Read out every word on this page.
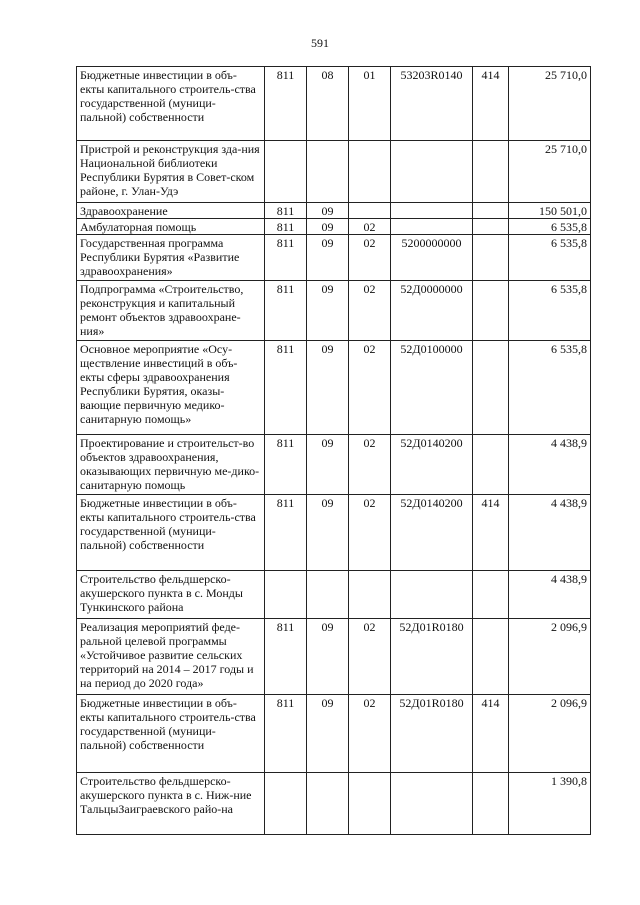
591
Бюджетные инвестиции в объ- екты капитального строитель-ства государственной (муници-пальной) собственности	811	08	01	53203R0140	414	25 710,0
Пристрой и реконструкция зда-ния Национальной библиотеки Республики Бурятия в Совет-ском районе, г. Улан-Удэ						25 710,0
Здравоохранение	811	09				150 501,0
Амбулаторная помощь	811	09	02			6 535,8
Государственная программа Республики Бурятия «Развитие здравоохранения»	811	09	02	5200000000		6 535,8
Подпрограмма «Строительство, реконструкция и капитальный ремонт объектов здравоохране-ния»	811	09	02	52Д0000000		6 535,8
Основное мероприятие «Осу-ществление инвестиций в объ-екты сферы здравоохранения Республики Бурятия, оказы-вающие первичную медико-санитарную помощь»	811	09	02	52Д0100000		6 535,8
Проектирование и строительст-во объектов здравоохранения, оказывающих первичную ме-дико-санитарную помощь	811	09	02	52Д0140200		4 438,9
Бюджетные инвестиции в объ-екты капитального строитель-ства государственной (муници-пальной) собственности	811	09	02	52Д0140200	414	4 438,9
Строительство фельдшерско-акушерского пункта в с. Монды Тункинского района						4 438,9
Реализация мероприятий феде-ральной целевой программы «Устойчивое развитие сельских территорий на 2014 – 2017 годы и на период до 2020 года»	811	09	02	52Д01R0180		2 096,9
Бюджетные инвестиции в объ-екты капитального строитель-ства государственной (муници-пальной) собственности	811	09	02	52Д01R0180	414	2 096,9
Строительство фельдшерско-акушерского пункта в с. Ниж-ние ТальцыЗаиграевского райо-на						1 390,8
